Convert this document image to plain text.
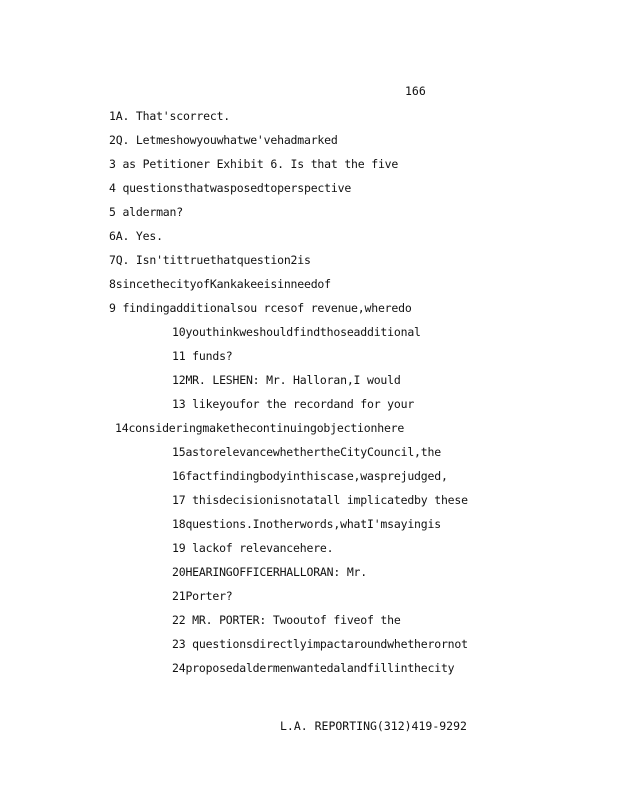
166
1A. That'scorrect.
2Q. Letmeshowyouwhatwe'vehadmarked
3 as Petitioner Exhibit 6. Is that the five
4 questionsthatwasposedtoperspective
5 alderman?
6A. Yes.
7Q. Isn'tittruethatquestion2is
8sincethecityofKankakeeisinneedof
9 findingadditionalsou rcesof revenue,wheredo
10youthinkweshouldfindthoseadditional
11 funds?
12MR. LESHEN: Mr. Halloran,I would
13 likeyoufor the recordand for your
14consideringmakethecontinuingobjectionhere
15astorelevancewhethertheCityCouncil,the
16factfindingbodyinthiscase,wasprejudged,
17 thisdecisionisnotatall implicatedby these
18questions.Inotherwords,whatI'msayingis
19 lackof relevancehere.
20HEARINGOFFICERHALLORAN: Mr.
21Porter?
22 MR. PORTER: Twooutof fiveof the
23 questionsdirectlyimpactaroundwhetherornot
24proposedaldermenwantedalandfillinthecity
L.A. REPORTING(312)419-9292
